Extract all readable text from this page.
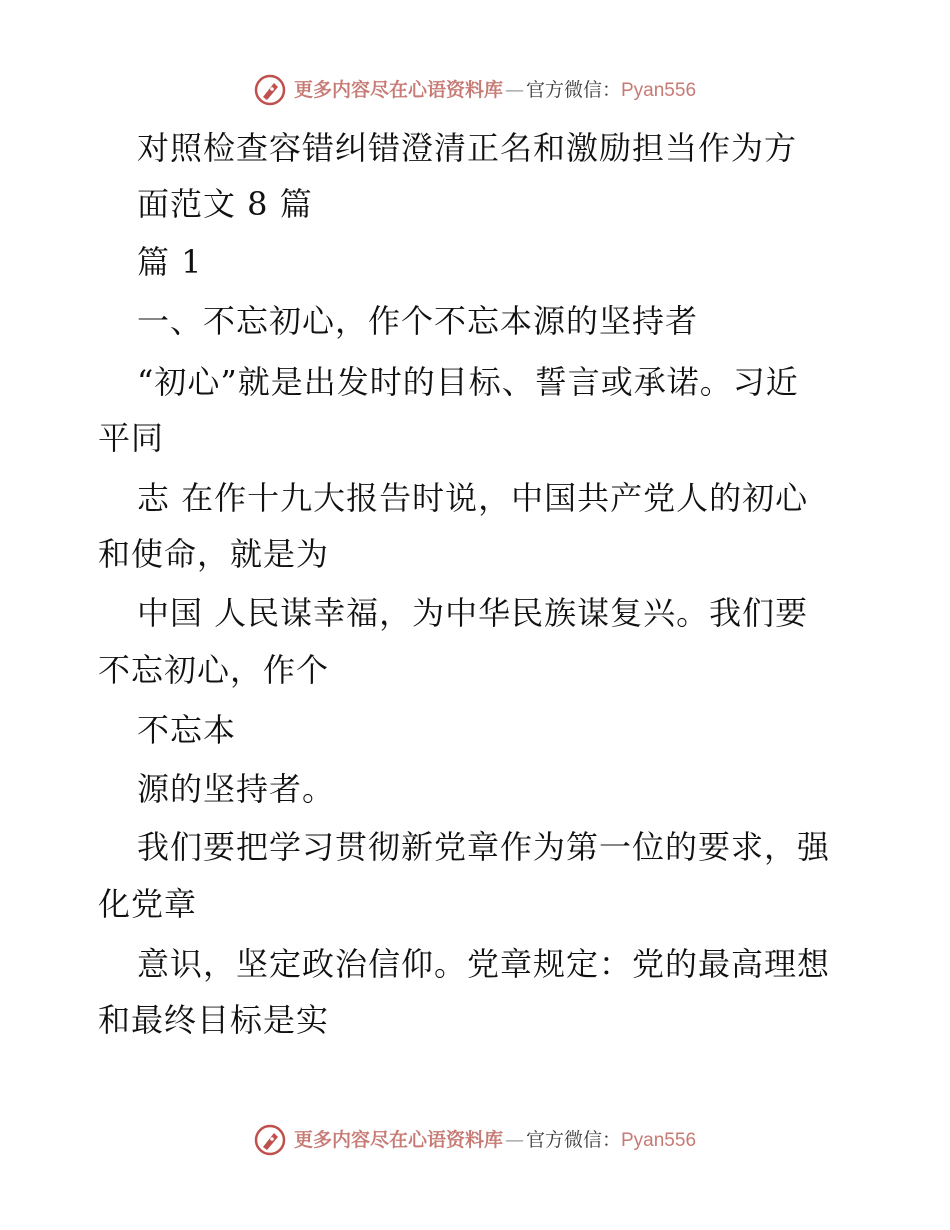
更多内容尽在心语资料库 — 官方微信： Pyan556
对照检查容错纠错澄清正名和激励担当作为方
面范文 8 篇
篇 1
一、不忘初心，作个不忘本源的坚持者
“初心”就是出发时的目标、誓言或承诺。习近
平同
志 在作十九大报告时说，中国共产党人的初心
和使命，就是为
中国 人民谋幸福，为中华民族谋复兴。我们要
不忘初心，作个
不忘本
源的坚持者。
我们要把学习贯彻新党章作为第一位的要求，强
化党章
意识，坚定政治信仰。党章规定：党的最高理想
和最终目标是实
更多内容尽在心语资料库 — 官方微信： Pyan556
